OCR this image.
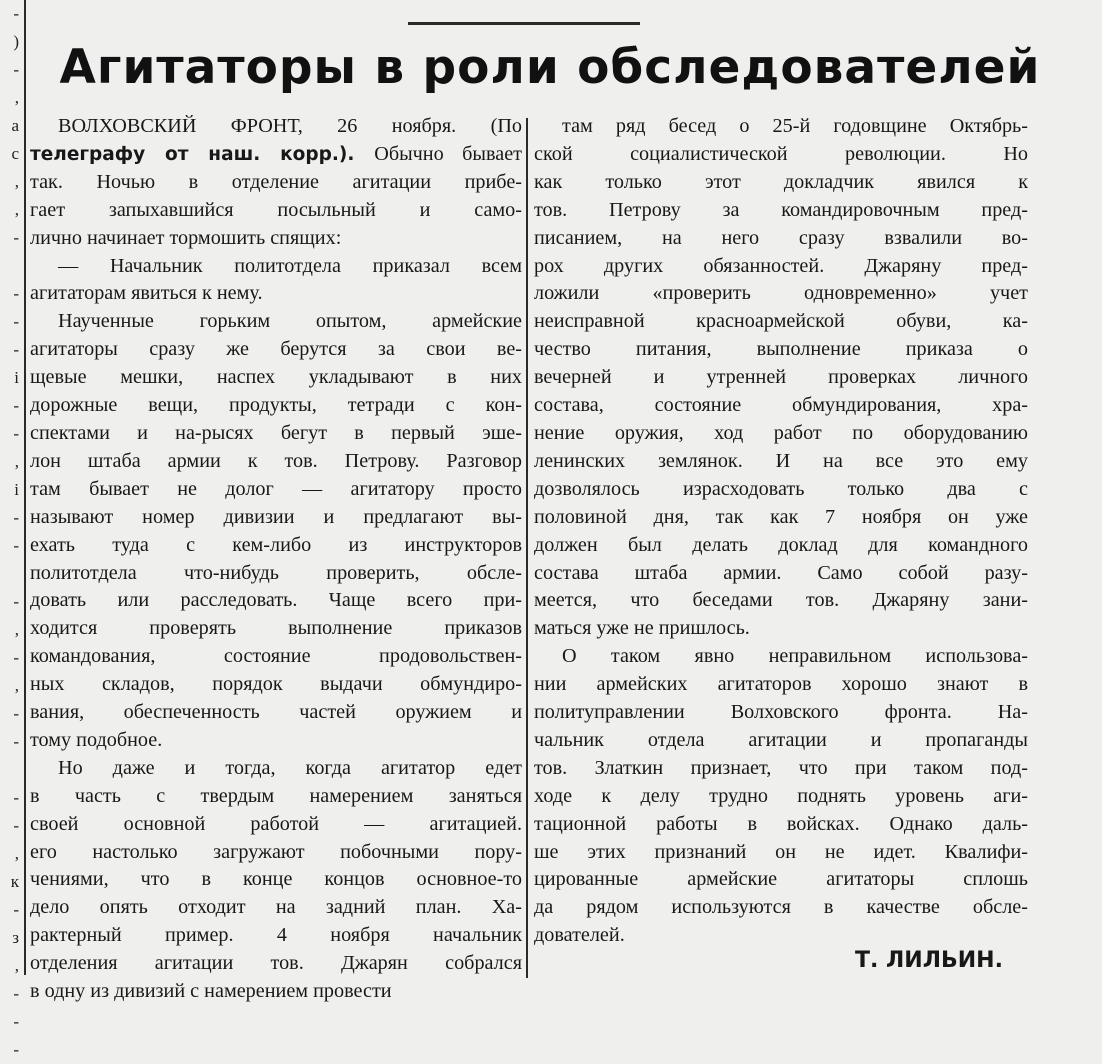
-
)
-
,
а
с
,
,
-
-
-
-
і
-
-
,
і
-
-
-
,
-
,
-
-
-
-
,
к
-
з
,
-
-
-
Агитаторы в роли обследователей

ВОЛХОВСКИЙ ФРОНТ, 26 ноября. (По
телеграфу от наш. корр.). Обычно бывает
так. Ночью в отделение агитации прибе-
гает запыхавшийся посыльный и само-
лично начинает тормошить спящих:

— Начальник политотдела приказал всем
агитаторам явиться к нему.

Наученные горьким опытом, армейские
агитаторы сразу же берутся за свои ве-
щевые мешки, наспех укладывают в них
дорожные вещи, продукты, тетради с кон-
спектами и на-рысях бегут в первый эше-
лон штаба армии к тов. Петрову. Разговор
там бывает не долог — агитатору просто
называют номер дивизии и предлагают вы-
ехать туда с кем-либо из инструкторов
политотдела что-нибудь проверить, обсле-
довать или расследовать. Чаще всего при-
ходится проверять выполнение приказов
командования, состояние продовольствен-
ных складов, порядок выдачи обмундиро-
вания, обеспеченность частей оружием и
тому подобное.

Но даже и тогда, когда агитатор едет
в часть с твердым намерением заняться
своей основной работой — агитацией.
его настолько загружают побочными пору-
чениями, что в конце концов основное-то
дело опять отходит на задний план. Ха-
рактерный пример. 4 ноября начальник
отделения агитации тов. Джарян собрался
в одну из дивизий с намерением провести

там ряд бесед о 25-й годовщине Октябрь-
ской социалистической революции. Но
как только этот докладчик явился к
тов. Петрову за командировочным пред-
писанием, на него сразу взвалили во-
рох других обязанностей. Джаряну пред-
ложили «проверить одновременно» учет
неисправной красноармейской обуви, ка-
чество питания, выполнение приказа о
вечерней и утренней проверках личного
состава, состояние обмундирования, хра-
нение оружия, ход работ по оборудованию
ленинских землянок. И на все это ему
дозволялось израсходовать только два с
половиной дня, так как 7 ноября он уже
должен был делать доклад для командного
состава штаба армии. Само собой разу-
меется, что беседами тов. Джаряну зани-
маться уже не пришлось.

О таком явно неправильном использова-
нии армейских агитаторов хорошо знают в
политуправлении Волховского фронта. На-
чальник отдела агитации и пропаганды
тов. Златкин признает, что при таком под-
ходе к делу трудно поднять уровень аги-
тационной работы в войсках. Однако даль-
ше этих признаний он не идет. Квалифи-
цированные армейские агитаторы сплошь
да рядом используются в качестве обсле-
дователей.

Т. ЛИЛЬИН.
